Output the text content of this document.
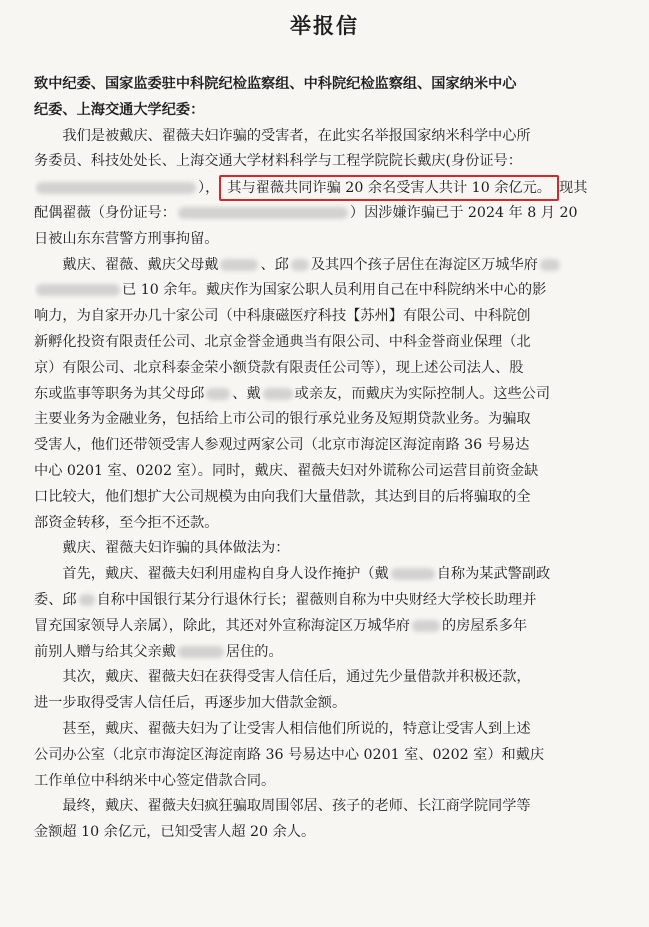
举报信
致中纪委、国家监委驻中科院纪检监察组、中科院纪检监察组、国家纳米中心
纪委、上海交通大学纪委：
我们是被戴庆、翟薇夫妇诈骗的受害者，在此实名举报国家纳米科学中心所
务委员、科技处处长、上海交通大学材料科学与工程学院院长戴庆(身份证号：
）， 其与翟薇共同诈骗 20 余名受害人共计 10 余亿元。 现其
配偶翟薇（身份证号：	）因涉嫌诈骗已于 2024 年 8 月 20
日被山东东营警方刑事拘留。
戴庆、翟薇、戴庆父母戴	、邱 及其四个孩子居住在海淀区万城华府
已 10 余年。戴庆作为国家公职人员利用自己在中科院纳米中心的影
响力，为自家开办几十家公司（中科康磁医疗科技【苏州】有限公司、中科院创
新孵化投资有限责任公司、北京金誉金通典当有限公司、中科金誉商业保理（北
京）有限公司、北京科泰金荣小额贷款有限责任公司等），现上述公司法人、股
东或监事等职务为其父母邱 、戴 或亲友，而戴庆为实际控制人。这些公司
主要业务为金融业务，包括给上市公司的银行承兑业务及短期贷款业务。为骗取
受害人，他们还带领受害人参观过两家公司（北京市海淀区海淀南路 36 号易达
中心 0201 室、0202 室）。同时，戴庆、翟薇夫妇对外谎称公司运营目前资金缺
口比较大，他们想扩大公司规模为由向我们大量借款，其达到目的后将骗取的全
部资金转移，至今拒不还款。
戴庆、翟薇夫妇诈骗的具体做法为：
首先，戴庆、翟薇夫妇利用虚构自身人设作掩护（戴	自称为某武警副政
委、邱 自称中国银行某分行退休行长；翟薇则自称为中央财经大学校长助理并
冒充国家领导人亲属），除此，其还对外宣称海淀区万城华府 的房屋系多年
前别人赠与给其父亲戴	居住的。
其次，戴庆、翟薇夫妇在获得受害人信任后，通过先少量借款并积极还款，
进一步取得受害人信任后，再逐步加大借款金额。
甚至，戴庆、翟薇夫妇为了让受害人相信他们所说的，特意让受害人到上述
公司办公室（北京市海淀区海淀南路 36 号易达中心 0201 室、0202 室）和戴庆
工作单位中科纳米中心签定借款合同。
最终，戴庆、翟薇夫妇疯狂骗取周围邻居、孩子的老师、长江商学院同学等
金额超 10 余亿元，已知受害人超 20 余人。
